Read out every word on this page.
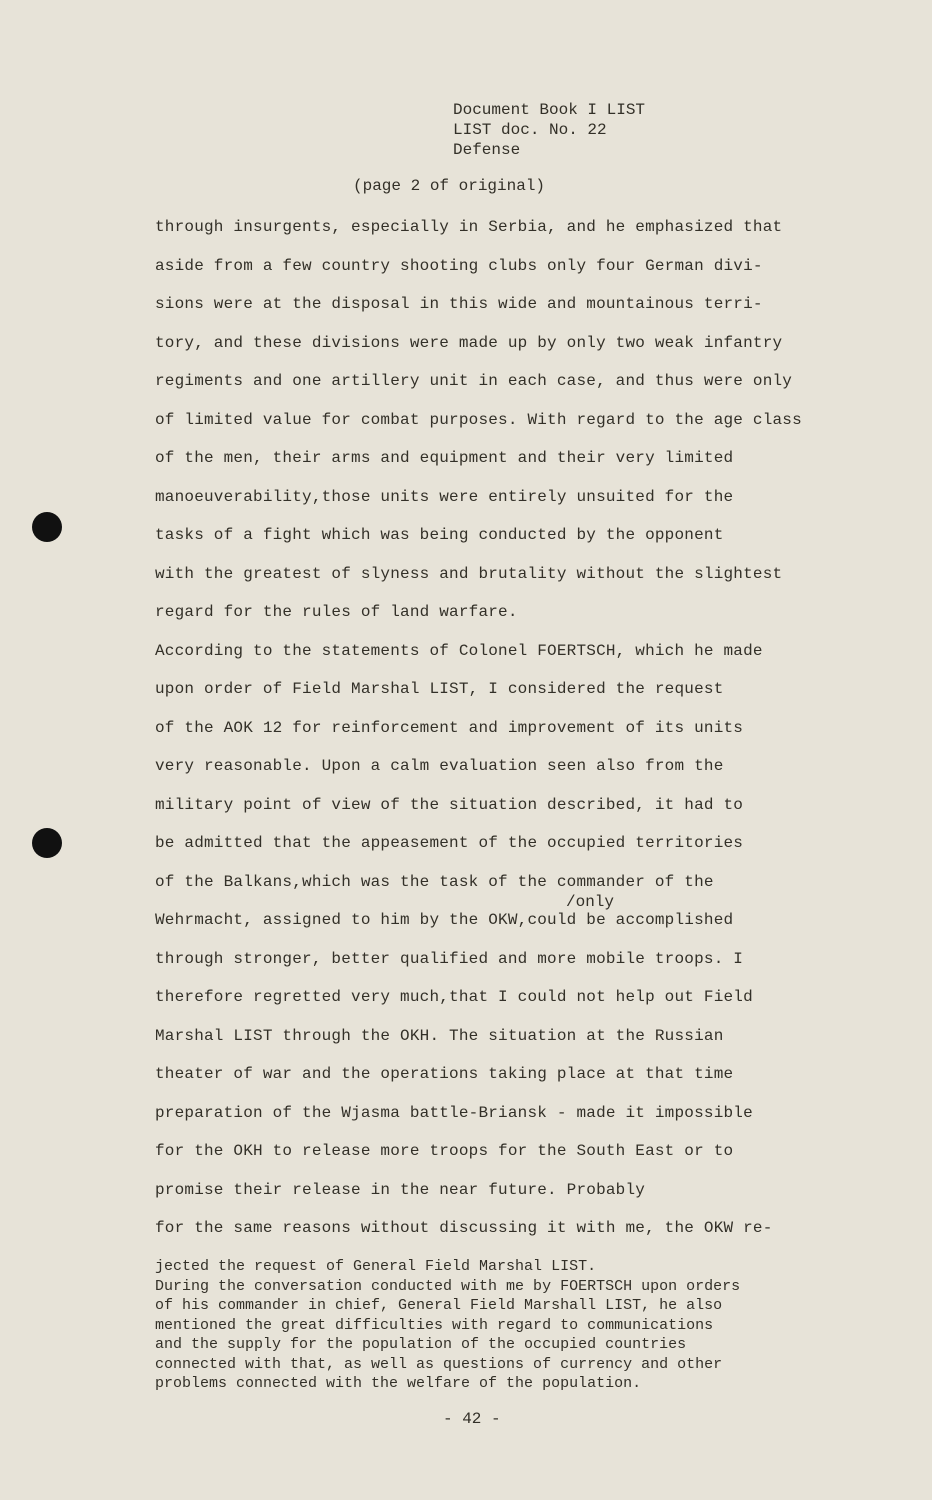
Document Book I LIST
LIST doc. No. 22
Defense
(page 2 of original)
through insurgents, especially in Serbia, and he emphasized that
aside from a few country shooting clubs only four German divi-
sions were at the disposal in this wide and mountainous terri-
tory, and these divisions were made up by only two weak infantry
regiments and one artillery unit in each case, and thus were only
of limited value for combat purposes. With regard to the age class
of the men, their arms and equipment and their very limited
manoeuverability,those units were entirely unsuited for the
tasks of a fight which was being conducted by the opponent
with the greatest of slyness and brutality without the slightest
regard for the rules of land warfare.
According to the statements of Colonel FOERTSCH, which he made
upon order of Field Marshal LIST, I considered the request
of the AOK 12 for reinforcement and improvement of its units
very reasonable. Upon a calm evaluation seen also from the
military point of view of the situation described, it had to
be admitted that the appeasement of the occupied territories
of the Balkans,which was the task of the commander of the
Wehrmacht, assigned to him by the OKW,could be accomplished
through stronger, better qualified and more mobile troops. I
therefore regretted very much,that I could not help out Field
Marshal LIST through the OKH. The situation at the Russian
theater of war and the operations taking place at that time
preparation of the Wjasma battle-Briansk - made it impossible
for the OKH to release more troops for the South East or to
promise their release in the near future. Probably
for the same reasons without discussing it with me, the OKW re-
/only
jected the request of General Field Marshal LIST.
During the conversation conducted with me by FOERTSCH upon orders
of his commander in chief, General Field Marshall LIST, he also
mentioned the great difficulties with regard to communications
and the supply for the population of the occupied countries
connected with that, as well as questions of currency and other
problems connected with the welfare of the population.
- 42 -
